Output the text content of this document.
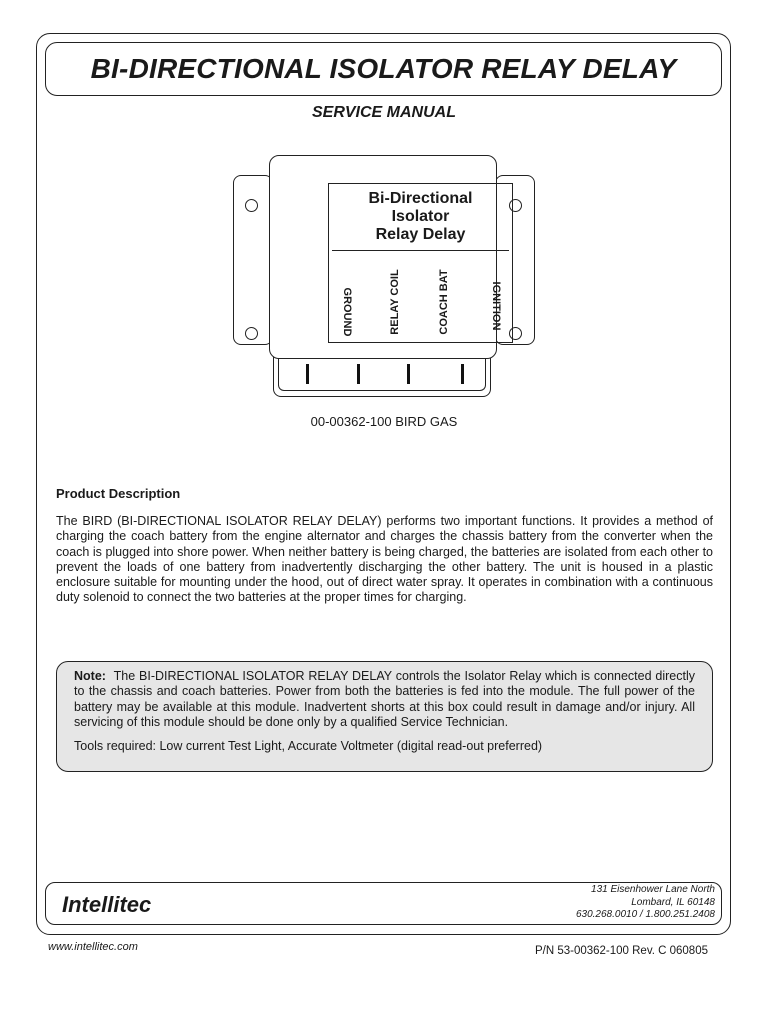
BI-DIRECTIONAL ISOLATOR RELAY DELAY
SERVICE MANUAL
Bi-Directional
Isolator
Relay Delay
GROUND	RELAY COIL	COACH BAT	IGNITION
00-00362-100 BIRD GAS
Product Description

The BIRD (BI-DIRECTIONAL ISOLATOR RELAY DELAY) performs two important functions. It provides a method of charging the coach battery from the engine alternator and charges the chassis battery from the converter when the coach is plugged into shore power. When neither battery is being charged, the batteries are isolated from each other to prevent the loads of one battery from inadvertently discharging the other battery. The unit is housed in a plastic enclosure suitable for mounting under the hood, out of direct water spray. It operates in combination with a continuous duty solenoid to connect the two batteries at the proper times for charging.

Note: The BI-DIRECTIONAL ISOLATOR RELAY DELAY controls the Isolator Relay which is connected directly to the chassis and coach batteries. Power from both the batteries is fed into the module. The full power of the battery may be available at this module. Inadvertent shorts at this box could result in damage and/or injury. All servicing of this module should be done only by a qualified Service Technician.

Tools required: Low current Test Light, Accurate Voltmeter (digital read-out preferred)

Intellitec
131 Eisenhower Lane North
Lombard, IL 60148
630.268.0010 / 1.800.251.2408
www.intellitec.com	P/N 53-00362-100 Rev. C 060805
